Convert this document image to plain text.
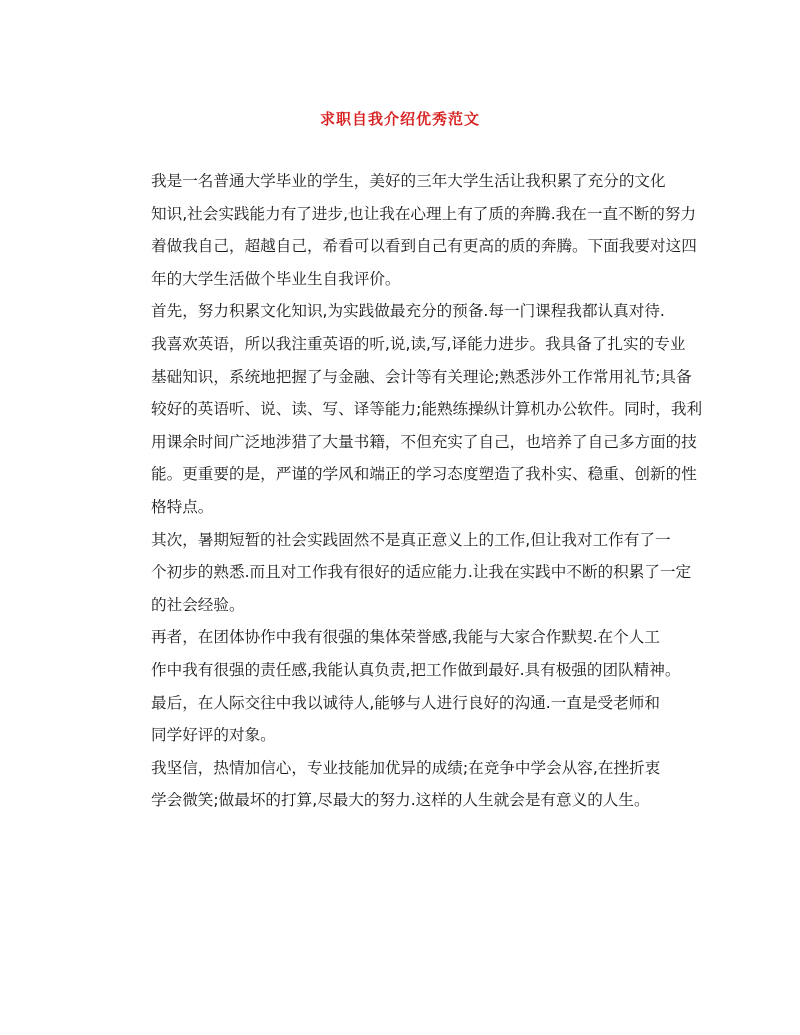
求职自我介绍优秀范文

我是一名普通大学毕业的学生，美好的三年大学生活让我积累了充分的文化
知识,社会实践能力有了进步,也让我在心理上有了质的奔腾.我在一直不断的努力
着做我自己，超越自己，希看可以看到自己有更高的质的奔腾。下面我要对这四
年的大学生活做个毕业生自我评价。

首先，努力积累文化知识,为实践做最充分的预备.每一门课程我都认真对待.
我喜欢英语，所以我注重英语的听,说,读,写,译能力进步。我具备了扎实的专业
基础知识，系统地把握了与金融、会计等有关理论;熟悉涉外工作常用礼节;具备
较好的英语听、说、读、写、译等能力;能熟练操纵计算机办公软件。同时，我利
用课余时间广泛地涉猎了大量书籍，不但充实了自己，也培养了自己多方面的技
能。更重要的是，严谨的学风和端正的学习态度塑造了我朴实、稳重、创新的性
格特点。

其次，暑期短暂的社会实践固然不是真正意义上的工作,但让我对工作有了一
个初步的熟悉.而且对工作我有很好的适应能力.让我在实践中不断的积累了一定
的社会经验。

再者，在团体协作中我有很强的集体荣誉感,我能与大家合作默契.在个人工
作中我有很强的责任感,我能认真负责,把工作做到最好.具有极强的团队精神。

最后，在人际交往中我以诚待人,能够与人进行良好的沟通.一直是受老师和
同学好评的对象。

我坚信，热情加信心，专业技能加优异的成绩;在竞争中学会从容,在挫折衷
学会微笑;做最坏的打算,尽最大的努力.这样的人生就会是有意义的人生。
